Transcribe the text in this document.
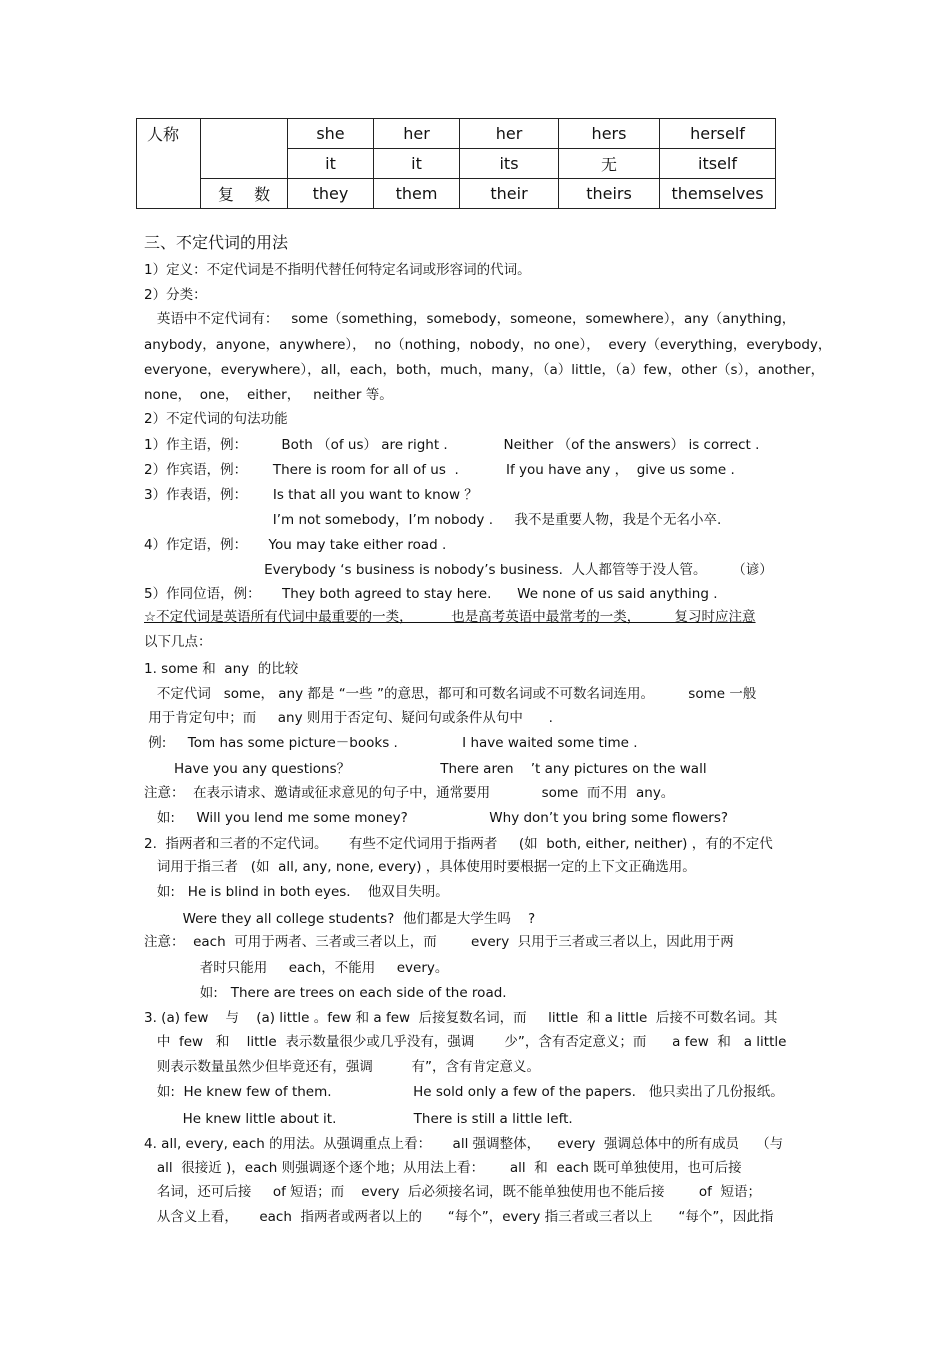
人称		she	her	her	hers	herself
		it	it	its	无	itself
	复    数	they	them	their	theirs	themselves
三、不定代词的用法
1）定义：不定代词是不指明代替任何特定名词或形容词的代词。
2）分类：
英语中不定代词有：   some（something，somebody，someone，somewhere），any（anything，
anybody，anyone，anywhere），  no（nothing，nobody，no one），  every（everything，everybody，
everyone，everywhere），all，each，both，much，many，（a）little，（a）few，other（s），another，
none，  one，  either，   neither 等。
2）不定代词的句法功能
1）作主语，例：        Both （of us） are right .             Neither （of the answers） is correct .
2）作宾语，例：      There is room for all of us  .           If you have any ，  give us some .
3）作表语，例：      Is that all you want to know ？
I’m not somebody，I’m nobody .     我不是重要人物，我是个无名小卒.
4）作定语，例：     You may take either road .
Everybody ‘s business is nobody’s business.  人人都管等于没人管。      （谚）
5）作同位语，例：     They both agreed to stay here.      We none of us said anything .
☆不定代词是英语所有代词中最重要的一类，         也是高考英语中最常考的一类，        复习时应注意
以下几点：
1. some 和  any  的比较
不定代词   some， any 都是 “一些 ”的意思，都可和可数名词或不可数名词连用。        some 一般
用于肯定句中；而     any 则用于否定句、疑问句或条件从句中      .
例:     Tom has some picture－books .               I have waited some time .
Have you any questions？                     There aren    ’t any pictures on the wall
注意：  在表示请求、邀请或征求意见的句子中，通常要用            some  而不用  any。
如:     Will you lend me some money?                   Why don’t you bring some flowers?
2.  指两者和三者的不定代词。     有些不定代词用于指两者     (如  both, either, neither) ，有的不定代
词用于指三者   (如  all, any, none, every) ，具体使用时要根据一定的上下文正确选用。
如:   He is blind in both eyes.    他双目失明。
Were they all college students?  他们都是大学生吗    ?
注意：  each  可用于两者、三者或三者以上，而        every  只用于三者或三者以上，因此用于两
者时只能用     each，不能用     every。
如:   There are trees on each side of the road.
3. (a) few    与    (a) little 。few 和 a few  后接复数名词，而     little  和 a little  后接不可数名词。其
中  few   和    little  表示数量很少或几乎没有，强调       少”，含有否定意义；而      a few  和   a little
则表示数量虽然少但毕竟还有，强调         有”，含有肯定意义。
如:  He knew few of them.                   He sold only a few of the papers.   他只卖出了几份报纸。
He knew little about it.                  There is still a little left.
4. all, every, each 的用法。从强调重点上看：     all 强调整体，    every  强调总体中的所有成员    （与
all  很接近 )，each 则强调逐个逐个地；从用法上看：      all  和  each 既可单独使用，也可后接
名词，还可后接     of 短语；而    every  后必须接名词，既不能单独使用也不能后接        of  短语；
从含义上看，     each  指两者或两者以上的      “每个”，every 指三者或三者以上      “每个”，因此指
